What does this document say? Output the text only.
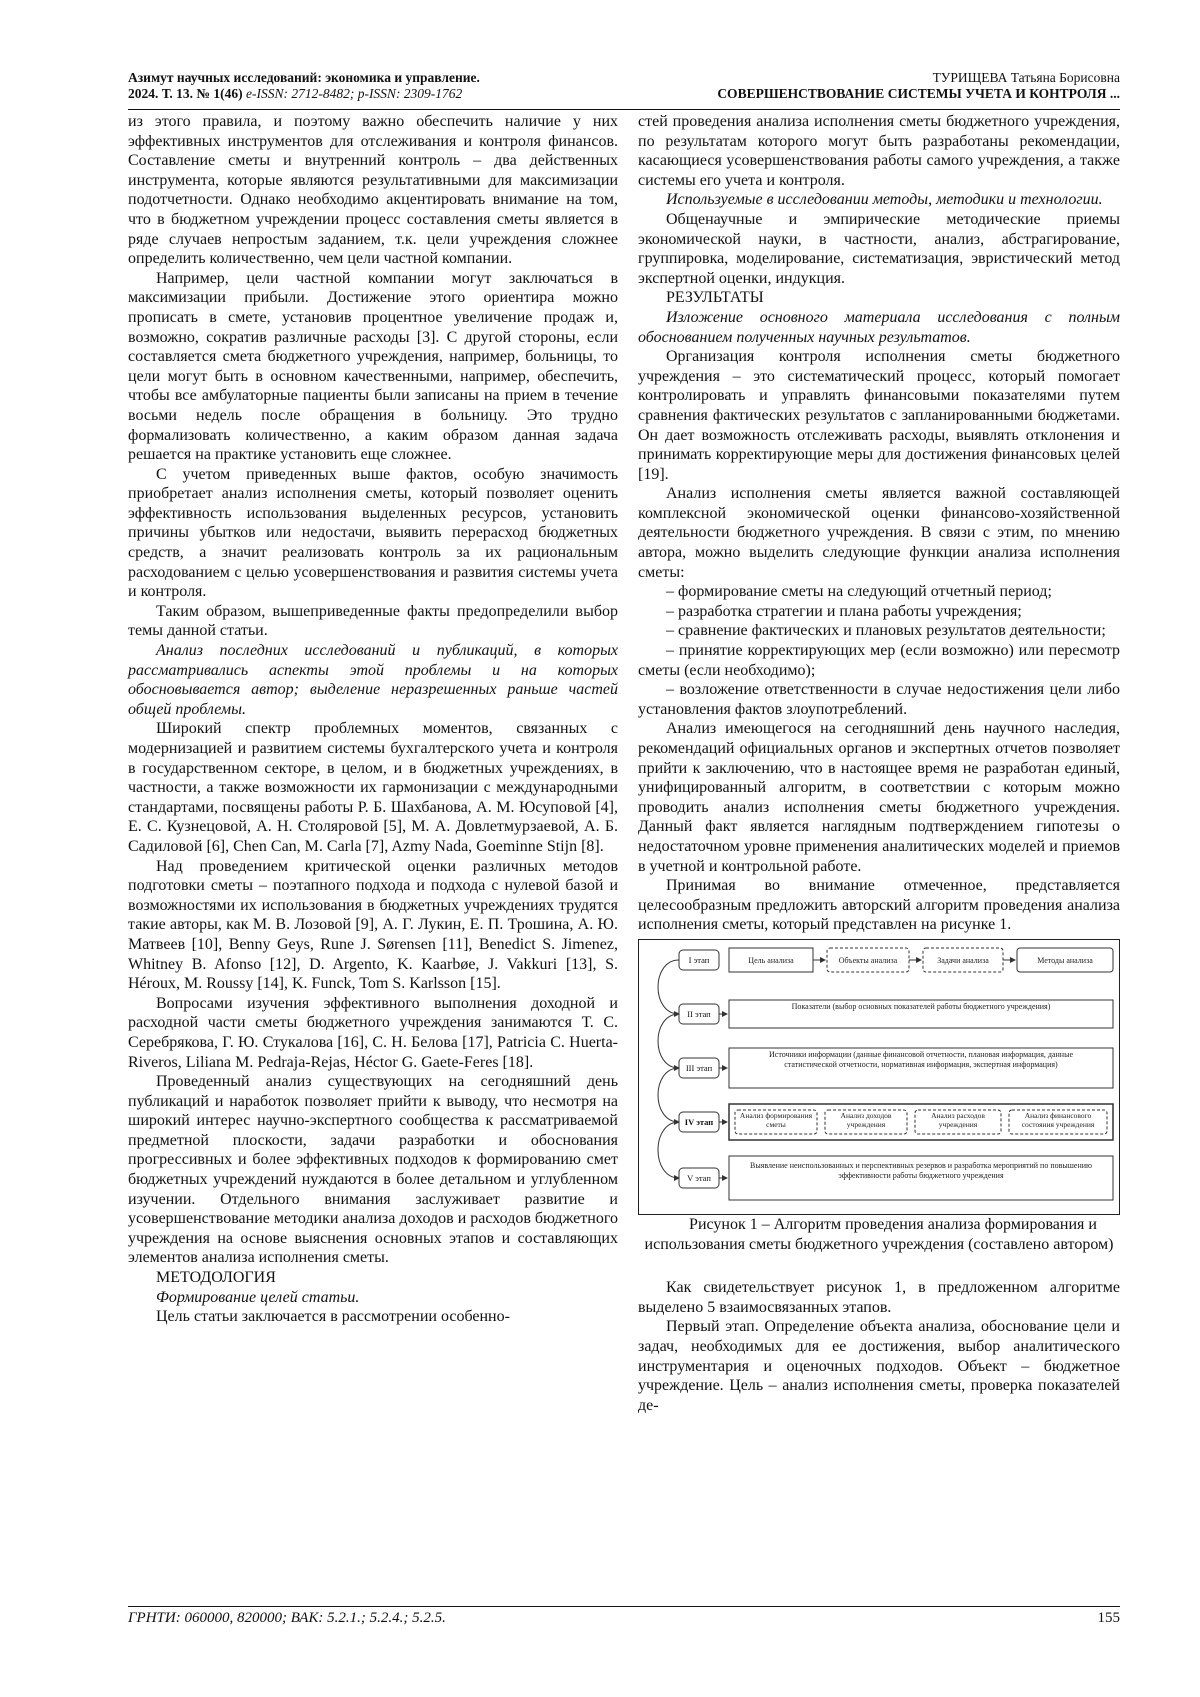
Азимут научных исследований: экономика и управление.
2024. Т. 13. № 1(46) e-ISSN: 2712-8482; p-ISSN: 2309-1762
ТУРИЩЕВА Татьяна Борисовна
СОВЕРШЕНСТВОВАНИЕ СИСТЕМЫ УЧЕТА И КОНТРОЛЯ ...

из этого правила, и поэтому важно обеспечить наличие у них эффективных инструментов для отслеживания и контроля финансов. Составление сметы и внутренний контроль – два действенных инструмента, которые являются результативными для максимизации подотчетности. Однако необходимо акцентировать внимание на том, что в бюджетном учреждении процесс составления сметы является в ряде случаев непростым заданием, т.к. цели учреждения сложнее определить количественно, чем цели частной компании.

Например, цели частной компании могут заключаться в максимизации прибыли. Достижение этого ориентира можно прописать в смете, установив процентное увеличение продаж и, возможно, сократив различные расходы [3]. С другой стороны, если составляется смета бюджетного учреждения, например, больницы, то цели могут быть в основном качественными, например, обеспечить, чтобы все амбулаторные пациенты были записаны на прием в течение восьми недель после обращения в больницу. Это трудно формализовать количественно, а каким образом данная задача решается на практике установить еще сложнее.

С учетом приведенных выше фактов, особую значимость приобретает анализ исполнения сметы, который позволяет оценить эффективность использования выделенных ресурсов, установить причины убытков или недостачи, выявить перерасход бюджетных средств, а значит реализовать контроль за их рациональным расходованием с целью усовершенствования и развития системы учета и контроля.

Таким образом, вышеприведенные факты предопределили выбор темы данной статьи.

Анализ последних исследований и публикаций, в которых рассматривались аспекты этой проблемы и на которых обосновывается автор; выделение неразрешенных раньше частей общей проблемы.

Широкий спектр проблемных моментов, связанных с модернизацией и развитием системы бухгалтерского учета и контроля в государственном секторе, в целом, и в бюджетных учреждениях, в частности, а также возможности их гармонизации с международными стандартами, посвящены работы Р. Б. Шахбанова, А. М. Юсуповой [4], Е. С. Кузнецовой, А. Н. Столяровой [5], М. А. Довлетмурзаевой, А. Б. Садиловой [6], Chen Can, M. Carla [7], Azmy Nada, Goeminne Stijn [8].

Над проведением критической оценки различных методов подготовки сметы – поэтапного подхода и подхода с нулевой базой и возможностями их использования в бюджетных учреждениях трудятся такие авторы, как М. В. Лозовой [9], А. Г. Лукин, Е. П. Трошина, А. Ю. Матвеев [10], Benny Geys, Rune J. Sørensen [11], Benedict S. Jimenez, Whitney B. Afonso [12], D. Argento, K. Kaarbøe, J. Vakkuri [13], S. Héroux, M. Roussy [14], K. Funck, Tom S. Karlsson [15].

Вопросами изучения эффективного выполнения доходной и расходной части сметы бюджетного учреждения занимаются Т. С. Серебрякова, Г. Ю. Стукалова [16], С. Н. Белова [17], Patricia C. Huerta-Riveros, Liliana M. Pedraja-Rejas, Héctor G. Gaete-Feres [18].

Проведенный анализ существующих на сегодняшний день публикаций и наработок позволяет прийти к выводу, что несмотря на широкий интерес научно-экспертного сообщества к рассматриваемой предметной плоскости, задачи разработки и обоснования прогрессивных и более эффективных подходов к формированию смет бюджетных учреждений нуждаются в более детальном и углубленном изучении. Отдельного внимания заслуживает развитие и усовершенствование методики анализа доходов и расходов бюджетного учреждения на основе выяснения основных этапов и составляющих элементов анализа исполнения сметы.

МЕТОДОЛОГИЯ

Формирование целей статьи.

Цель статьи заключается в рассмотрении особенно-

стей проведения анализа исполнения сметы бюджетного учреждения, по результатам которого могут быть разработаны рекомендации, касающиеся усовершенствования работы самого учреждения, а также системы его учета и контроля.

Используемые в исследовании методы, методики и технологии.

Общенаучные и эмпирические методические приемы экономической науки, в частности, анализ, абстрагирование, группировка, моделирование, систематизация, эвристический метод экспертной оценки, индукция.

РЕЗУЛЬТАТЫ

Изложение основного материала исследования с полным обоснованием полученных научных результатов.

Организация контроля исполнения сметы бюджетного учреждения – это систематический процесс, который помогает контролировать и управлять финансовыми показателями путем сравнения фактических результатов с запланированными бюджетами. Он дает возможность отслеживать расходы, выявлять отклонения и принимать корректирующие меры для достижения финансовых целей [19].

Анализ исполнения сметы является важной составляющей комплексной экономической оценки финансово-хозяйственной деятельности бюджетного учреждения. В связи с этим, по мнению автора, можно выделить следующие функции анализа исполнения сметы:

– формирование сметы на следующий отчетный период;

– разработка стратегии и плана работы учреждения;

– сравнение фактических и плановых результатов деятельности;

– принятие корректирующих мер (если возможно) или пересмотр сметы (если необходимо);

– возложение ответственности в случае недостижения цели либо установления фактов злоупотреблений.

Анализ имеющегося на сегодняшний день научного наследия, рекомендаций официальных органов и экспертных отчетов позволяет прийти к заключению, что в настоящее время не разработан единый, унифицированный алгоритм, в соответствии с которым можно проводить анализ исполнения сметы бюджетного учреждения. Данный факт является наглядным подтверждением гипотезы о недостаточном уровне применения аналитических моделей и приемов в учетной и контрольной работе.

Принимая во внимание отмеченное, представляется целесообразным предложить авторский алгоритм проведения анализа исполнения сметы, который представлен на рисунке 1.

I этап	Цель анализа	Объекты анализа	Задачи анализа	Методы анализа
II этап
Показатели (выбор основных показателей работы бюджетного учреждения)
III этап
Источники информации (данные финансовой отчетности, плановая информация, данные статистической отчетности, нормативная информация, экспертная информация)
IV этап
Анализ формирования сметы
Анализ доходов учреждения
Анализ расходов учреждения
Анализ финансового состояния учреждения
V этап
Выявление неиспользованных и перспективных резервов и разработка мероприятий по повышению эффективности работы бюджетного учреждения

Рисунок 1 – Алгоритм проведения анализа формирования и использования сметы бюджетного учреждения (составлено автором)

Как свидетельствует рисунок 1, в предложенном алгоритме выделено 5 взаимосвязанных этапов.

Первый этап. Определение объекта анализа, обоснование цели и задач, необходимых для ее достижения, выбор аналитического инструментария и оценочных подходов. Объект – бюджетное учреждение. Цель – анализ исполнения сметы, проверка показателей де-

ГРНТИ: 060000, 820000; ВАК: 5.2.1.; 5.2.4.; 5.2.5.	155
